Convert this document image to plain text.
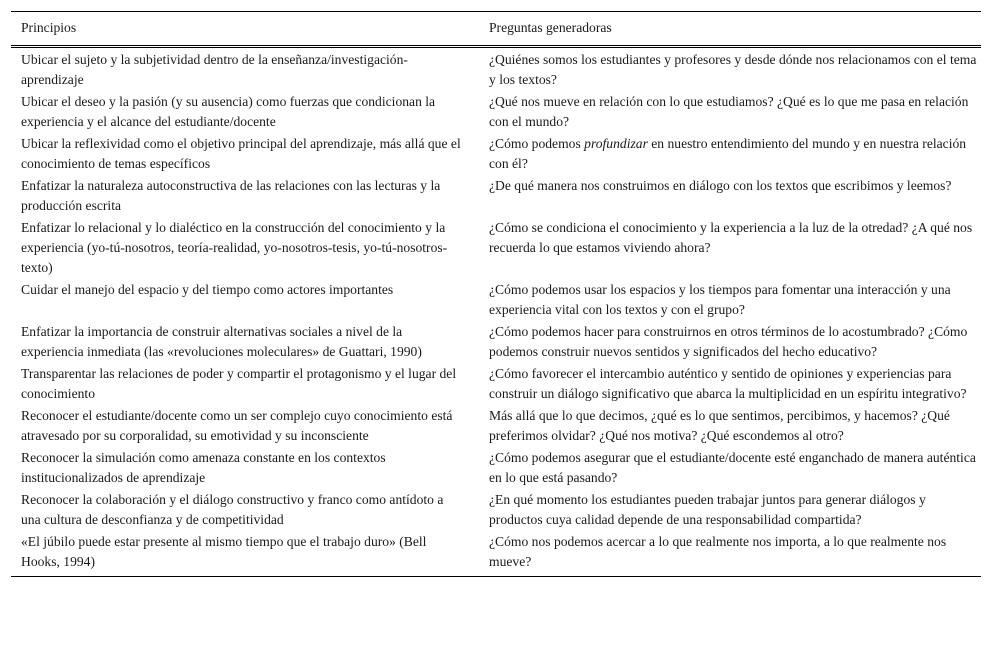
Principios	Preguntas generadoras

Ubicar el sujeto y la subjetividad dentro de la enseñanza/investigación-aprendizaje	¿Quiénes somos los estudiantes y profesores y desde dónde nos relacionamos con el tema y los textos?
Ubicar el deseo y la pasión (y su ausencia) como fuerzas que condicionan la experiencia y el alcance del estudiante/docente	¿Qué nos mueve en relación con lo que estudiamos? ¿Qué es lo que me pasa en relación con el mundo?
Ubicar la reflexividad como el objetivo principal del aprendizaje, más allá que el conocimiento de temas específicos	¿Cómo podemos profundizar en nuestro entendimiento del mundo y en nuestra relación con él?
Enfatizar la naturaleza autoconstructiva de las relaciones con las lecturas y la producción escrita	¿De qué manera nos construimos en diálogo con los textos que escribimos y leemos?
Enfatizar lo relacional y lo dialéctico en la construcción del conocimiento y la experiencia (yo-tú-nosotros, teoría-realidad, yo-nosotros-tesis, yo-tú-nosotros-texto)	¿Cómo se condiciona el conocimiento y la experiencia a la luz de la otredad? ¿A qué nos recuerda lo que estamos viviendo ahora?
Cuidar el manejo del espacio y del tiempo como actores importantes	¿Cómo podemos usar los espacios y los tiempos para fomentar una interacción y una experiencia vital con los textos y con el grupo?
Enfatizar la importancia de construir alternativas sociales a nivel de la experiencia inmediata (las «revoluciones moleculares» de Guattari, 1990)	¿Cómo podemos hacer para construirnos en otros términos de lo acostumbrado? ¿Cómo podemos construir nuevos sentidos y significados del hecho educativo?
Transparentar las relaciones de poder y compartir el protagonismo y el lugar del conocimiento	¿Cómo favorecer el intercambio auténtico y sentido de opiniones y experiencias para construir un diálogo significativo que abarca la multiplicidad en un espíritu integrativo?
Reconocer el estudiante/docente como un ser complejo cuyo conocimiento está atravesado por su corporalidad, su emotividad y su inconsciente	Más allá que lo que decimos, ¿qué es lo que sentimos, percibimos, y hacemos? ¿Qué preferimos olvidar? ¿Qué nos motiva? ¿Qué escondemos al otro?
Reconocer la simulación como amenaza constante en los contextos institucionalizados de aprendizaje	¿Cómo podemos asegurar que el estudiante/docente esté enganchado de manera auténtica en lo que está pasando?
Reconocer la colaboración y el diálogo constructivo y franco como antídoto a una cultura de desconfianza y de competitividad	¿En qué momento los estudiantes pueden trabajar juntos para generar diálogos y productos cuya calidad depende de una responsabilidad compartida?
«El júbilo puede estar presente al mismo tiempo que el trabajo duro» (Bell Hooks, 1994)	¿Cómo nos podemos acercar a lo que realmente nos importa, a lo que realmente nos mueve?
